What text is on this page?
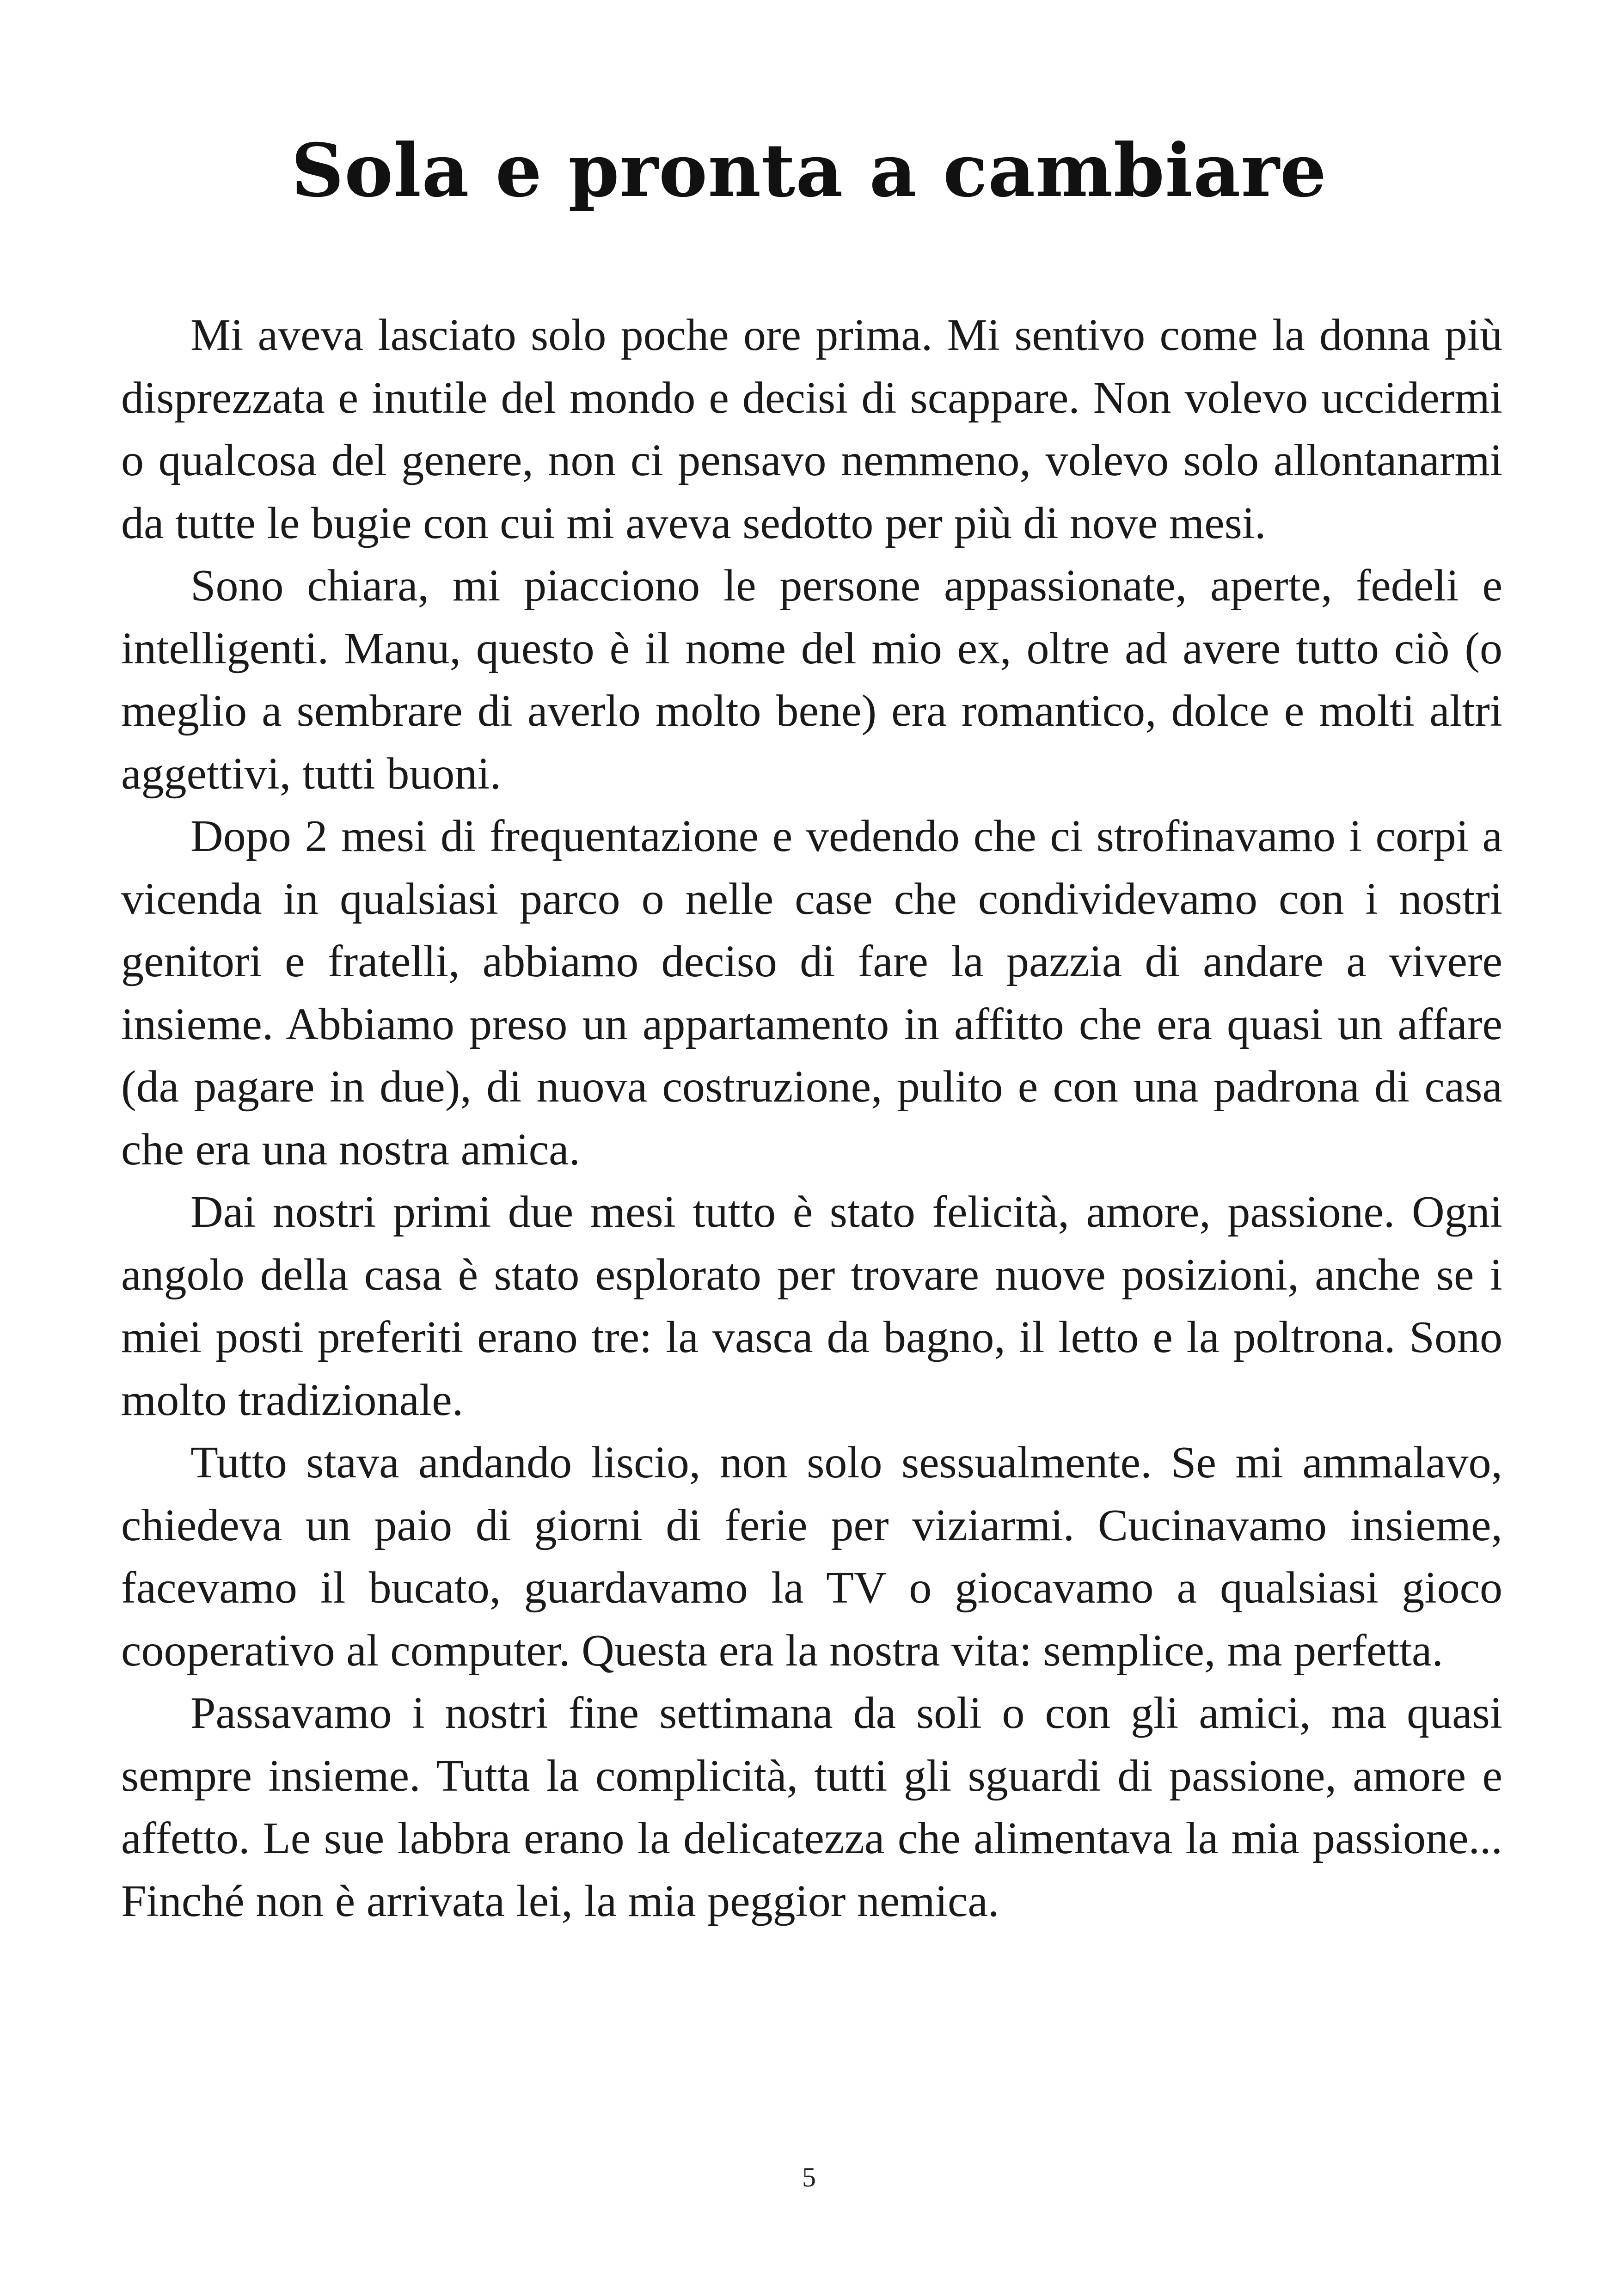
Sola e pronta a cambiare

Mi aveva lasciato solo poche ore prima. Mi sentivo come la donna più disprezzata e inutile del mondo e decisi di scappare. Non volevo uccidermi o qualcosa del genere, non ci pensavo nemmeno, volevo solo allontanarmi da tutte le bugie con cui mi aveva sedotto per più di nove mesi.

Sono chiara, mi piacciono le persone appassionate, aperte, fedeli e intelligenti. Manu, questo è il nome del mio ex, oltre ad avere tutto ciò (o meglio a sembrare di averlo molto bene) era romantico, dolce e molti altri aggettivi, tutti buoni.

Dopo 2 mesi di frequentazione e vedendo che ci strofinavamo i corpi a vicenda in qualsiasi parco o nelle case che condividevamo con i nostri genitori e fratelli, abbiamo deciso di fare la pazzia di andare a vivere insieme. Abbiamo preso un appartamento in affitto che era quasi un affare (da pagare in due), di nuova costruzione, pulito e con una padrona di casa che era una nostra amica.

Dai nostri primi due mesi tutto è stato felicità, amore, passione. Ogni angolo della casa è stato esplorato per trovare nuove posizioni, anche se i miei posti preferiti erano tre: la vasca da bagno, il letto e la poltrona. Sono molto tradizionale.

Tutto stava andando liscio, non solo sessualmente. Se mi ammalavo, chiedeva un paio di giorni di ferie per viziarmi. Cucinavamo insieme, facevamo il bucato, guardavamo la TV o giocavamo a qualsiasi gioco cooperativo al computer. Questa era la nostra vita: semplice, ma perfetta.

Passavamo i nostri fine settimana da soli o con gli amici, ma quasi sempre insieme. Tutta la complicità, tutti gli sguardi di passione, amore e affetto. Le sue labbra erano la delicatezza che alimentava la mia passione... Finché non è arrivata lei, la mia peggior nemica.

5
